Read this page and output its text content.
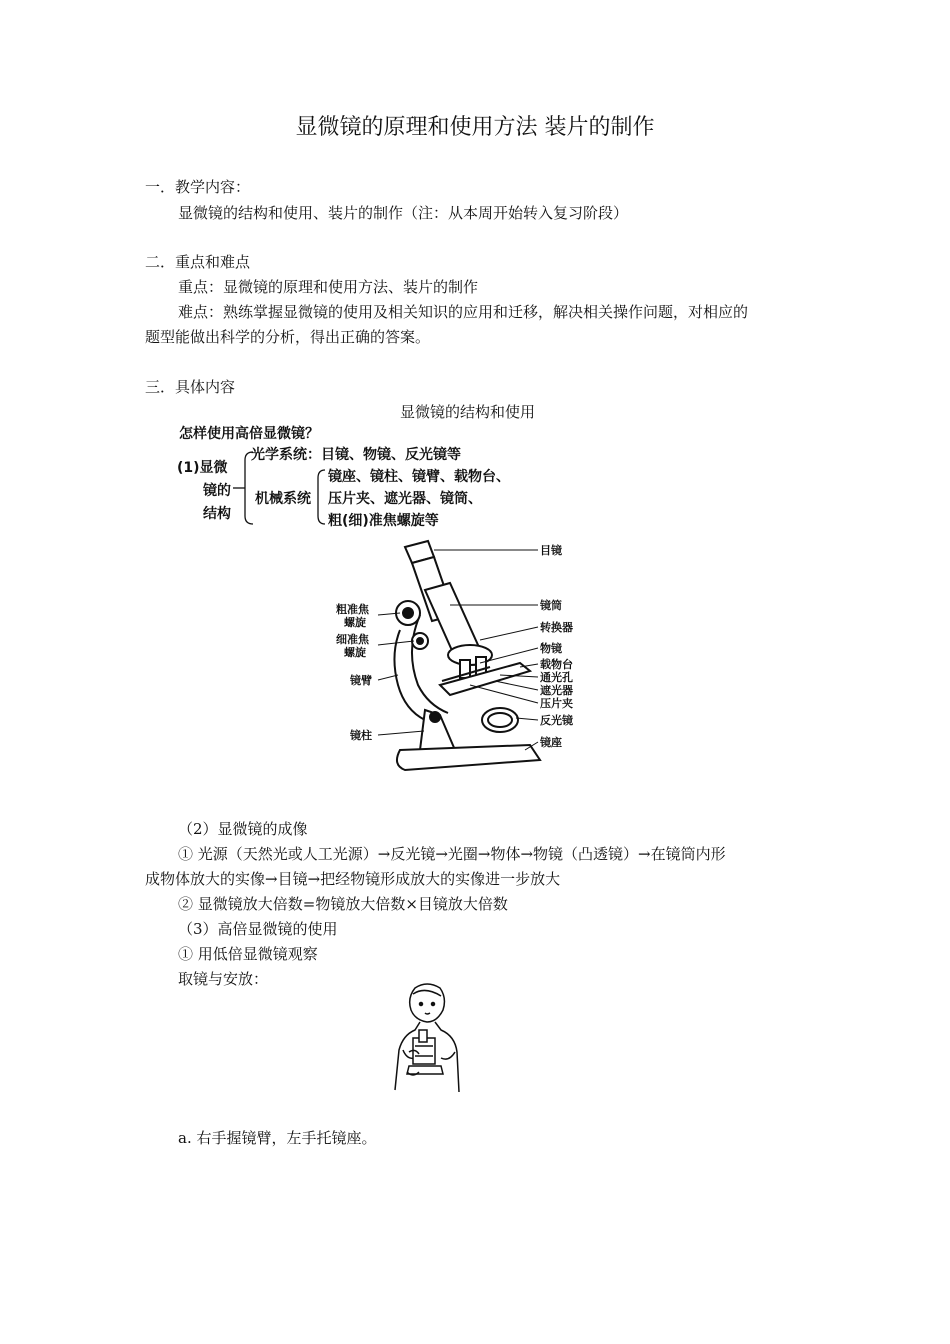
显微镜的原理和使用方法 装片的制作
一．教学内容：
显微镜的结构和使用、装片的制作（注：从本周开始转入复习阶段）
二．重点和难点
重点：显微镜的原理和使用方法、装片的制作
难点：熟练掌握显微镜的使用及相关知识的应用和迁移，解决相关操作问题，对相应的
题型能做出科学的分析，得出正确的答案。
三．具体内容
显微镜的结构和使用
怎样使用高倍显微镜？
(1)显微
镜的
结构
光学系统：目镜、物镜、反光镜等
机械系统
镜座、镜柱、镜臂、载物台、
压片夹、遮光器、镜筒、
粗(细)准焦螺旋等
目镜
镜筒
转换器
物镜
载物台
通光孔
遮光器
压片夹
反光镜
镜座
粗准焦
螺旋
细准焦
螺旋
镜臂
镜柱
（2）显微镜的成像
① 光源（天然光或人工光源）→反光镜→光圈→物体→物镜（凸透镜）→在镜筒内形
成物体放大的实像→目镜→把经物镜形成放大的实像进一步放大
② 显微镜放大倍数=物镜放大倍数×目镜放大倍数
（3）高倍显微镜的使用
① 用低倍显微镜观察
取镜与安放：
a. 右手握镜臂，左手托镜座。
